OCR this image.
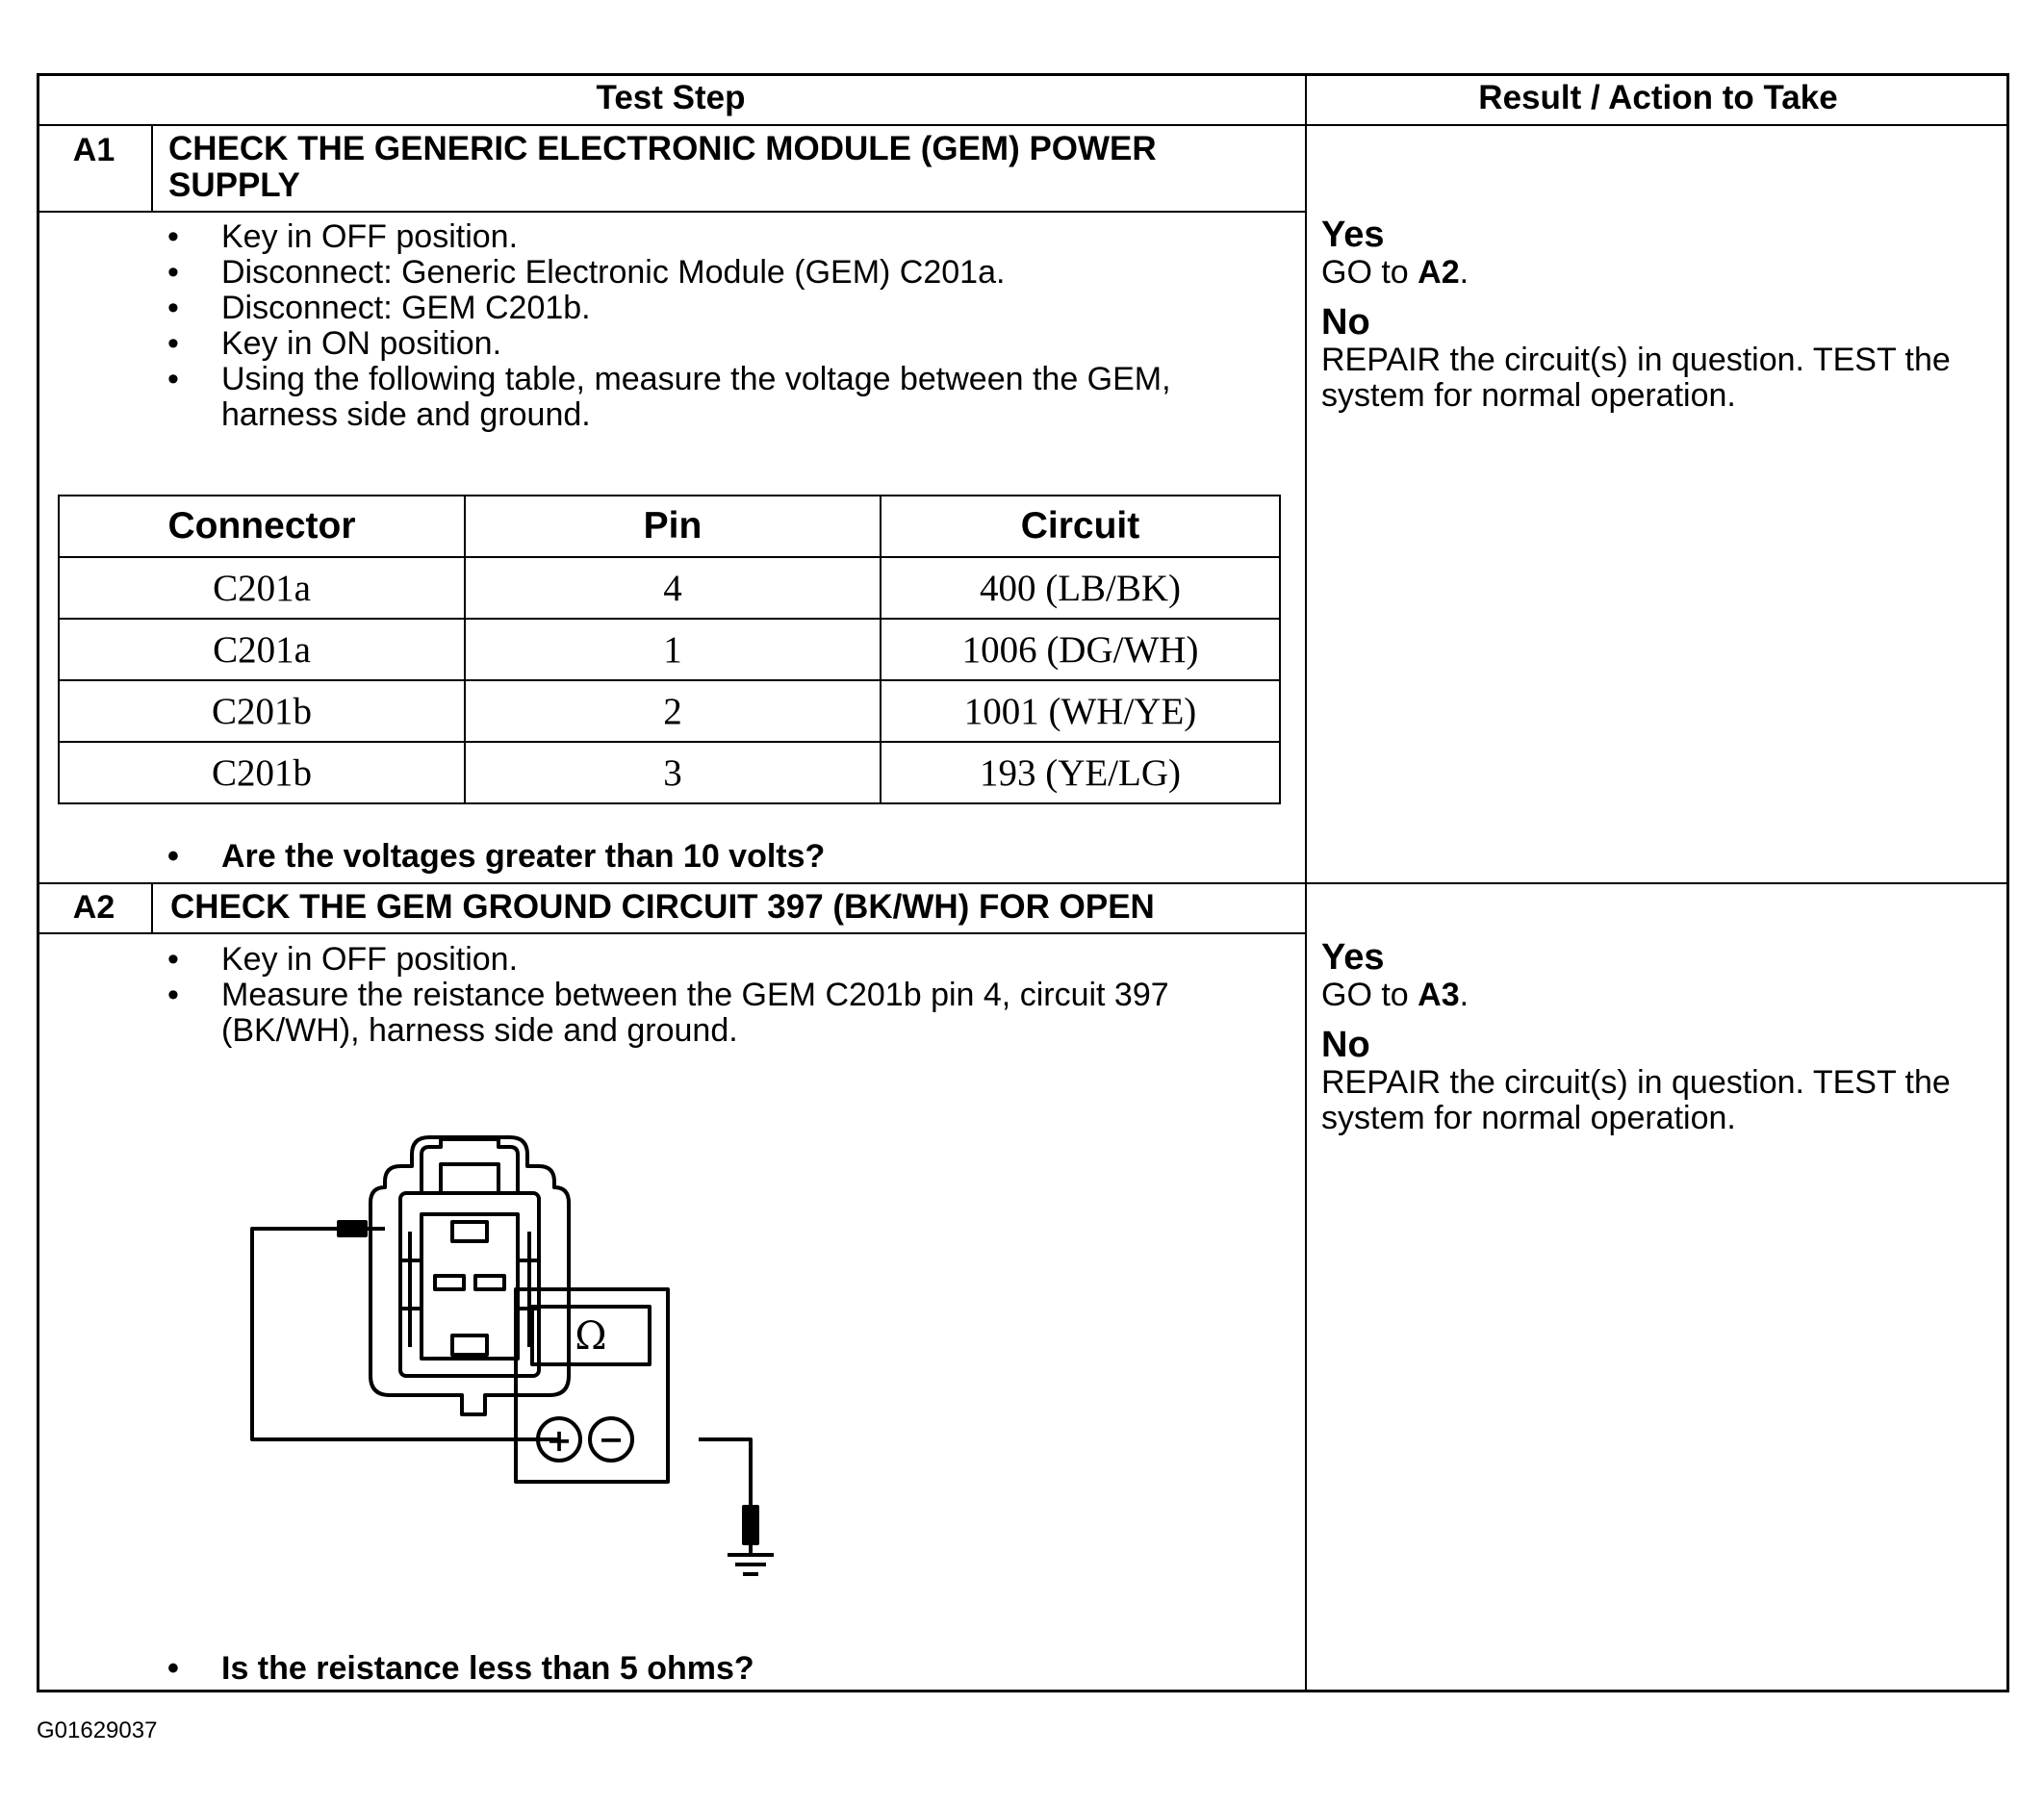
Test Step	Result / Action to Take
A1	CHECK THE GENERIC ELECTRONIC MODULE (GEM) POWER SUPPLY
• Key in OFF position.
• Disconnect: Generic Electronic Module (GEM) C201a.
• Disconnect: GEM C201b.
• Key in ON position.
• Using the following table, measure the voltage between the GEM, harness side and ground.
Connector	Pin	Circuit
C201a	4	400 (LB/BK)
C201a	1	1006 (DG/WH)
C201b	2	1001 (WH/YE)
C201b	3	193 (YE/LG)
• Are the voltages greater than 10 volts?
Yes
GO to A2.
No
REPAIR the circuit(s) in question. TEST the system for normal operation.
A2	CHECK THE GEM GROUND CIRCUIT 397 (BK/WH) FOR OPEN
• Key in OFF position.
• Measure the reistance between the GEM C201b pin 4, circuit 397 (BK/WH), harness side and ground.
Ω
+ −
• Is the reistance less than 5 ohms?
Yes
GO to A3.
No
REPAIR the circuit(s) in question. TEST the system for normal operation.
G01629037
